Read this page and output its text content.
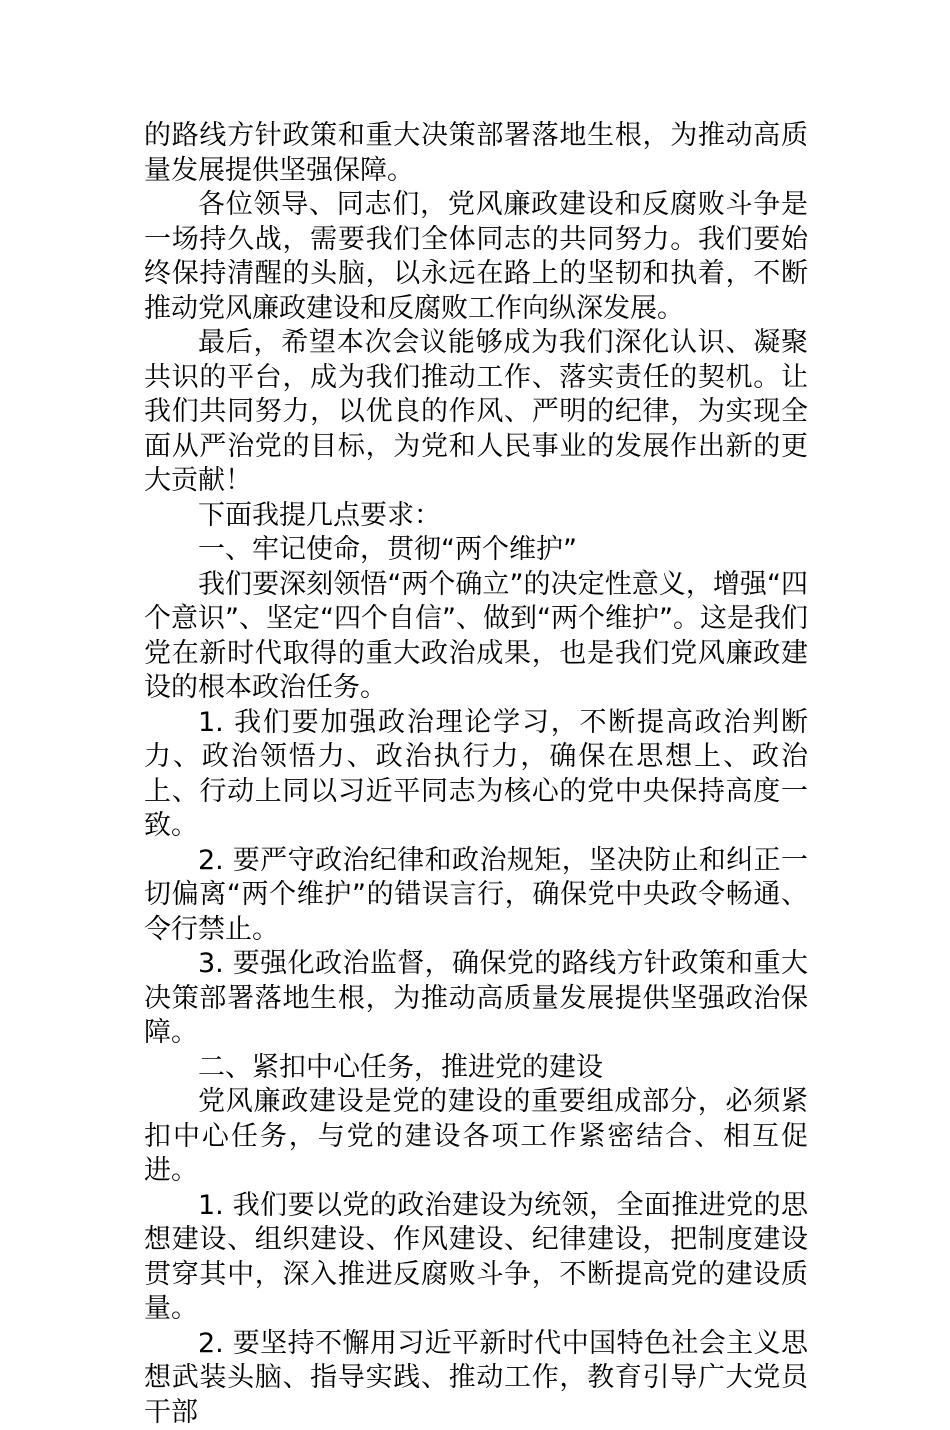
的路线方针政策和重大决策部署落地生根，为推动高质量发展提供坚强保障。

各位领导、同志们，党风廉政建设和反腐败斗争是一场持久战，需要我们全体同志的共同努力。我们要始终保持清醒的头脑，以永远在路上的坚韧和执着，不断推动党风廉政建设和反腐败工作向纵深发展。

最后，希望本次会议能够成为我们深化认识、凝聚共识的平台，成为我们推动工作、落实责任的契机。让我们共同努力，以优良的作风、严明的纪律，为实现全面从严治党的目标，为党和人民事业的发展作出新的更大贡献！

下面我提几点要求：

一、牢记使命，贯彻“两个维护”

我们要深刻领悟“两个确立”的决定性意义，增强“四个意识”、坚定“四个自信”、做到“两个维护”。这是我们党在新时代取得的重大政治成果，也是我们党风廉政建设的根本政治任务。

1. 我们要加强政治理论学习，不断提高政治判断力、政治领悟力、政治执行力，确保在思想上、政治上、行动上同以习近平同志为核心的党中央保持高度一致。

2. 要严守政治纪律和政治规矩，坚决防止和纠正一切偏离“两个维护”的错误言行，确保党中央政令畅通、令行禁止。

3. 要强化政治监督，确保党的路线方针政策和重大决策部署落地生根，为推动高质量发展提供坚强政治保障。

二、紧扣中心任务，推进党的建设

党风廉政建设是党的建设的重要组成部分，必须紧扣中心任务，与党的建设各项工作紧密结合、相互促进。

1. 我们要以党的政治建设为统领，全面推进党的思想建设、组织建设、作风建设、纪律建设，把制度建设贯穿其中，深入推进反腐败斗争，不断提高党的建设质量。

2. 要坚持不懈用习近平新时代中国特色社会主义思想武装头脑、指导实践、推动工作，教育引导广大党员干部
